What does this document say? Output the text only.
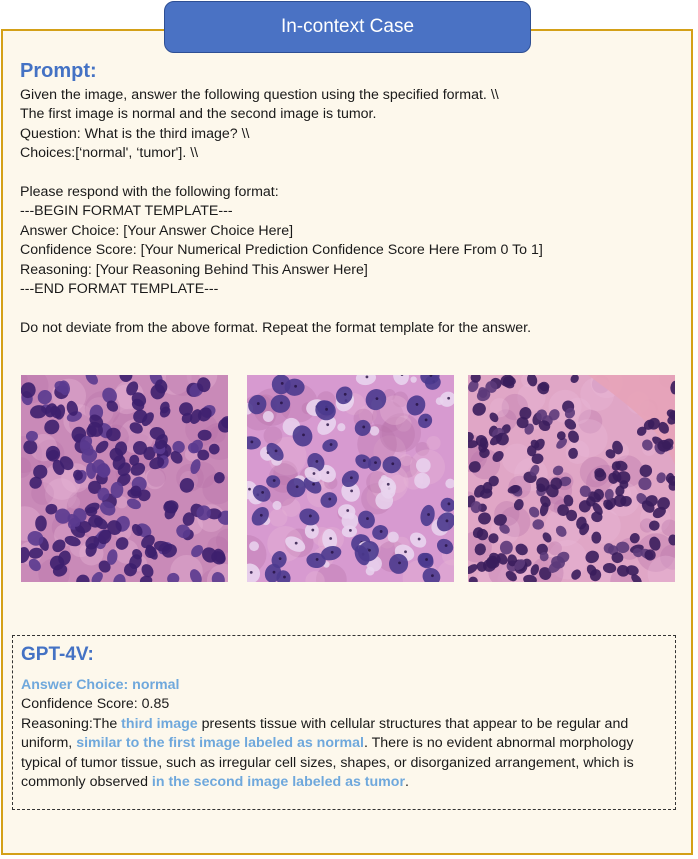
In-context Case
Prompt:
Given the image, answer the following question using the specified format. \\
The first image is normal and the second image is tumor.
Question: What is the third image? \\
Choices:[‘normal', ‘tumor']. \\
Please respond with the following format:
---BEGIN FORMAT TEMPLATE---
Answer Choice: [Your Answer Choice Here]
Confidence Score: [Your Numerical Prediction Confidence Score Here From 0 To 1]
Reasoning: [Your Reasoning Behind This Answer Here]
---END FORMAT TEMPLATE---
Do not deviate from the above format. Repeat the format template for the answer.
GPT-4V:
Answer Choice: normal
Confidence Score: 0.85
Reasoning:The third image presents tissue with cellular structures that appear to be regular and uniform, similar to the first image labeled as normal. There is no evident abnormal morphology typical of tumor tissue, such as irregular cell sizes, shapes, or disorganized arrangement, which is commonly observed in the second image labeled as tumor.
